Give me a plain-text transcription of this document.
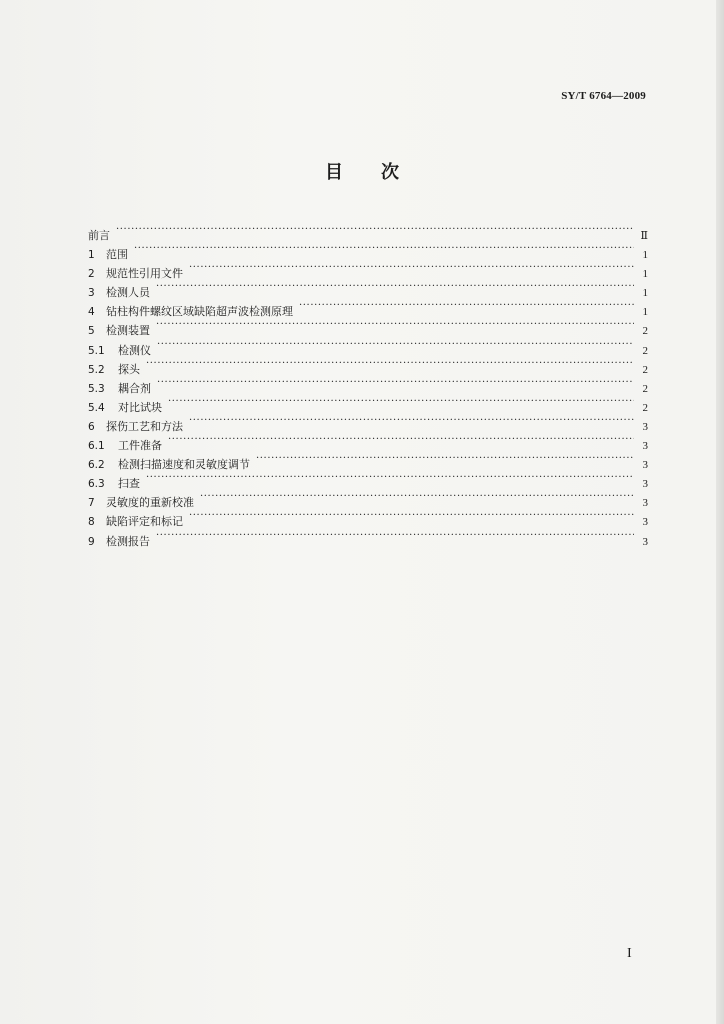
SY/T 6764—2009
目次
前言 ·····	Ⅱ
1	范围 ·····	1
2	规范性引用文件 ·····	1
3	检测人员 ·····	1
4	钻柱构件螺纹区域缺陷超声波检测原理 ·····	1
5	检测装置 ·····	2
5.1	检测仪 ·····	2
5.2	探头 ·····	2
5.3	耦合剂 ·····	2
5.4	对比试块 ·····	2
6	探伤工艺和方法 ·····	3
6.1	工件准备 ·····	3
6.2	检测扫描速度和灵敏度调节 ·····	3
6.3	扫查 ·····	3
7	灵敏度的重新校准 ·····	3
8	缺陷评定和标记 ·····	3
9	检测报告 ·····	3
I
